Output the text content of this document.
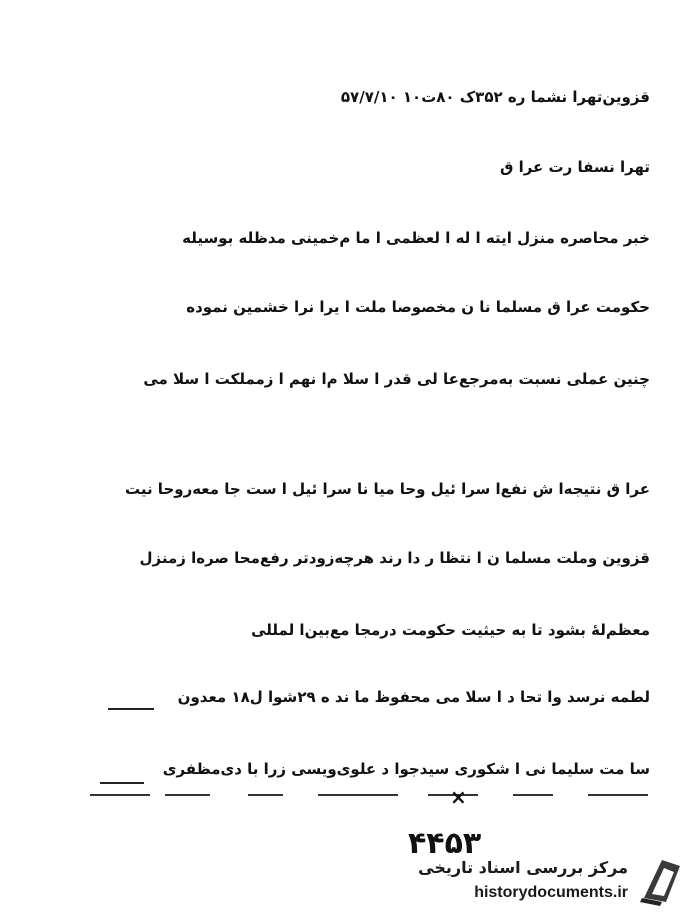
قزوین‌تهرا نشما ره ۳۵۲ک ۸۰ت۱۰ ۵۷/۷/۱۰
تهرا نسفا رت عرا ق
خبر محاصره منزل ایته ا له ا لعظمی ا ما م‌خمینی مدظله بوسیله
حکومت عرا ق مسلما نا ن مخصوصا ملت ا یرا نرا خشمین نموده
چنین عملی نسبت به‌مرجع‌عا لی قدر ا سلا م‌ا نهم ا زمملکت ا سلا می
عرا ق نتیجه‌ا ش نفع‌ا سرا ئیل وحا میا نا سرا ئیل ا ست جا معه‌روحا نیت
قزوین وملت مسلما ن ا نتظا ر دا رند هرچه‌زودتر رفع‌محا صره‌ا زمنزل
معظم‌له‌ٔ بشود تا به حیثیت حکومت درمجا مع‌بین‌ا لمللی
لطمه نرسد وا تحا د ا سلا می محفوظ ما ند ه ۲۹شوا ل۱۸ معدون
سا مت سلیما نی ا شکوری سیدجوا د علوی‌ویسی زرا با دی‌مظفری
×
۴۴۵۳
مرکز بررسی اسناد تاریخی
historydocuments.ir
